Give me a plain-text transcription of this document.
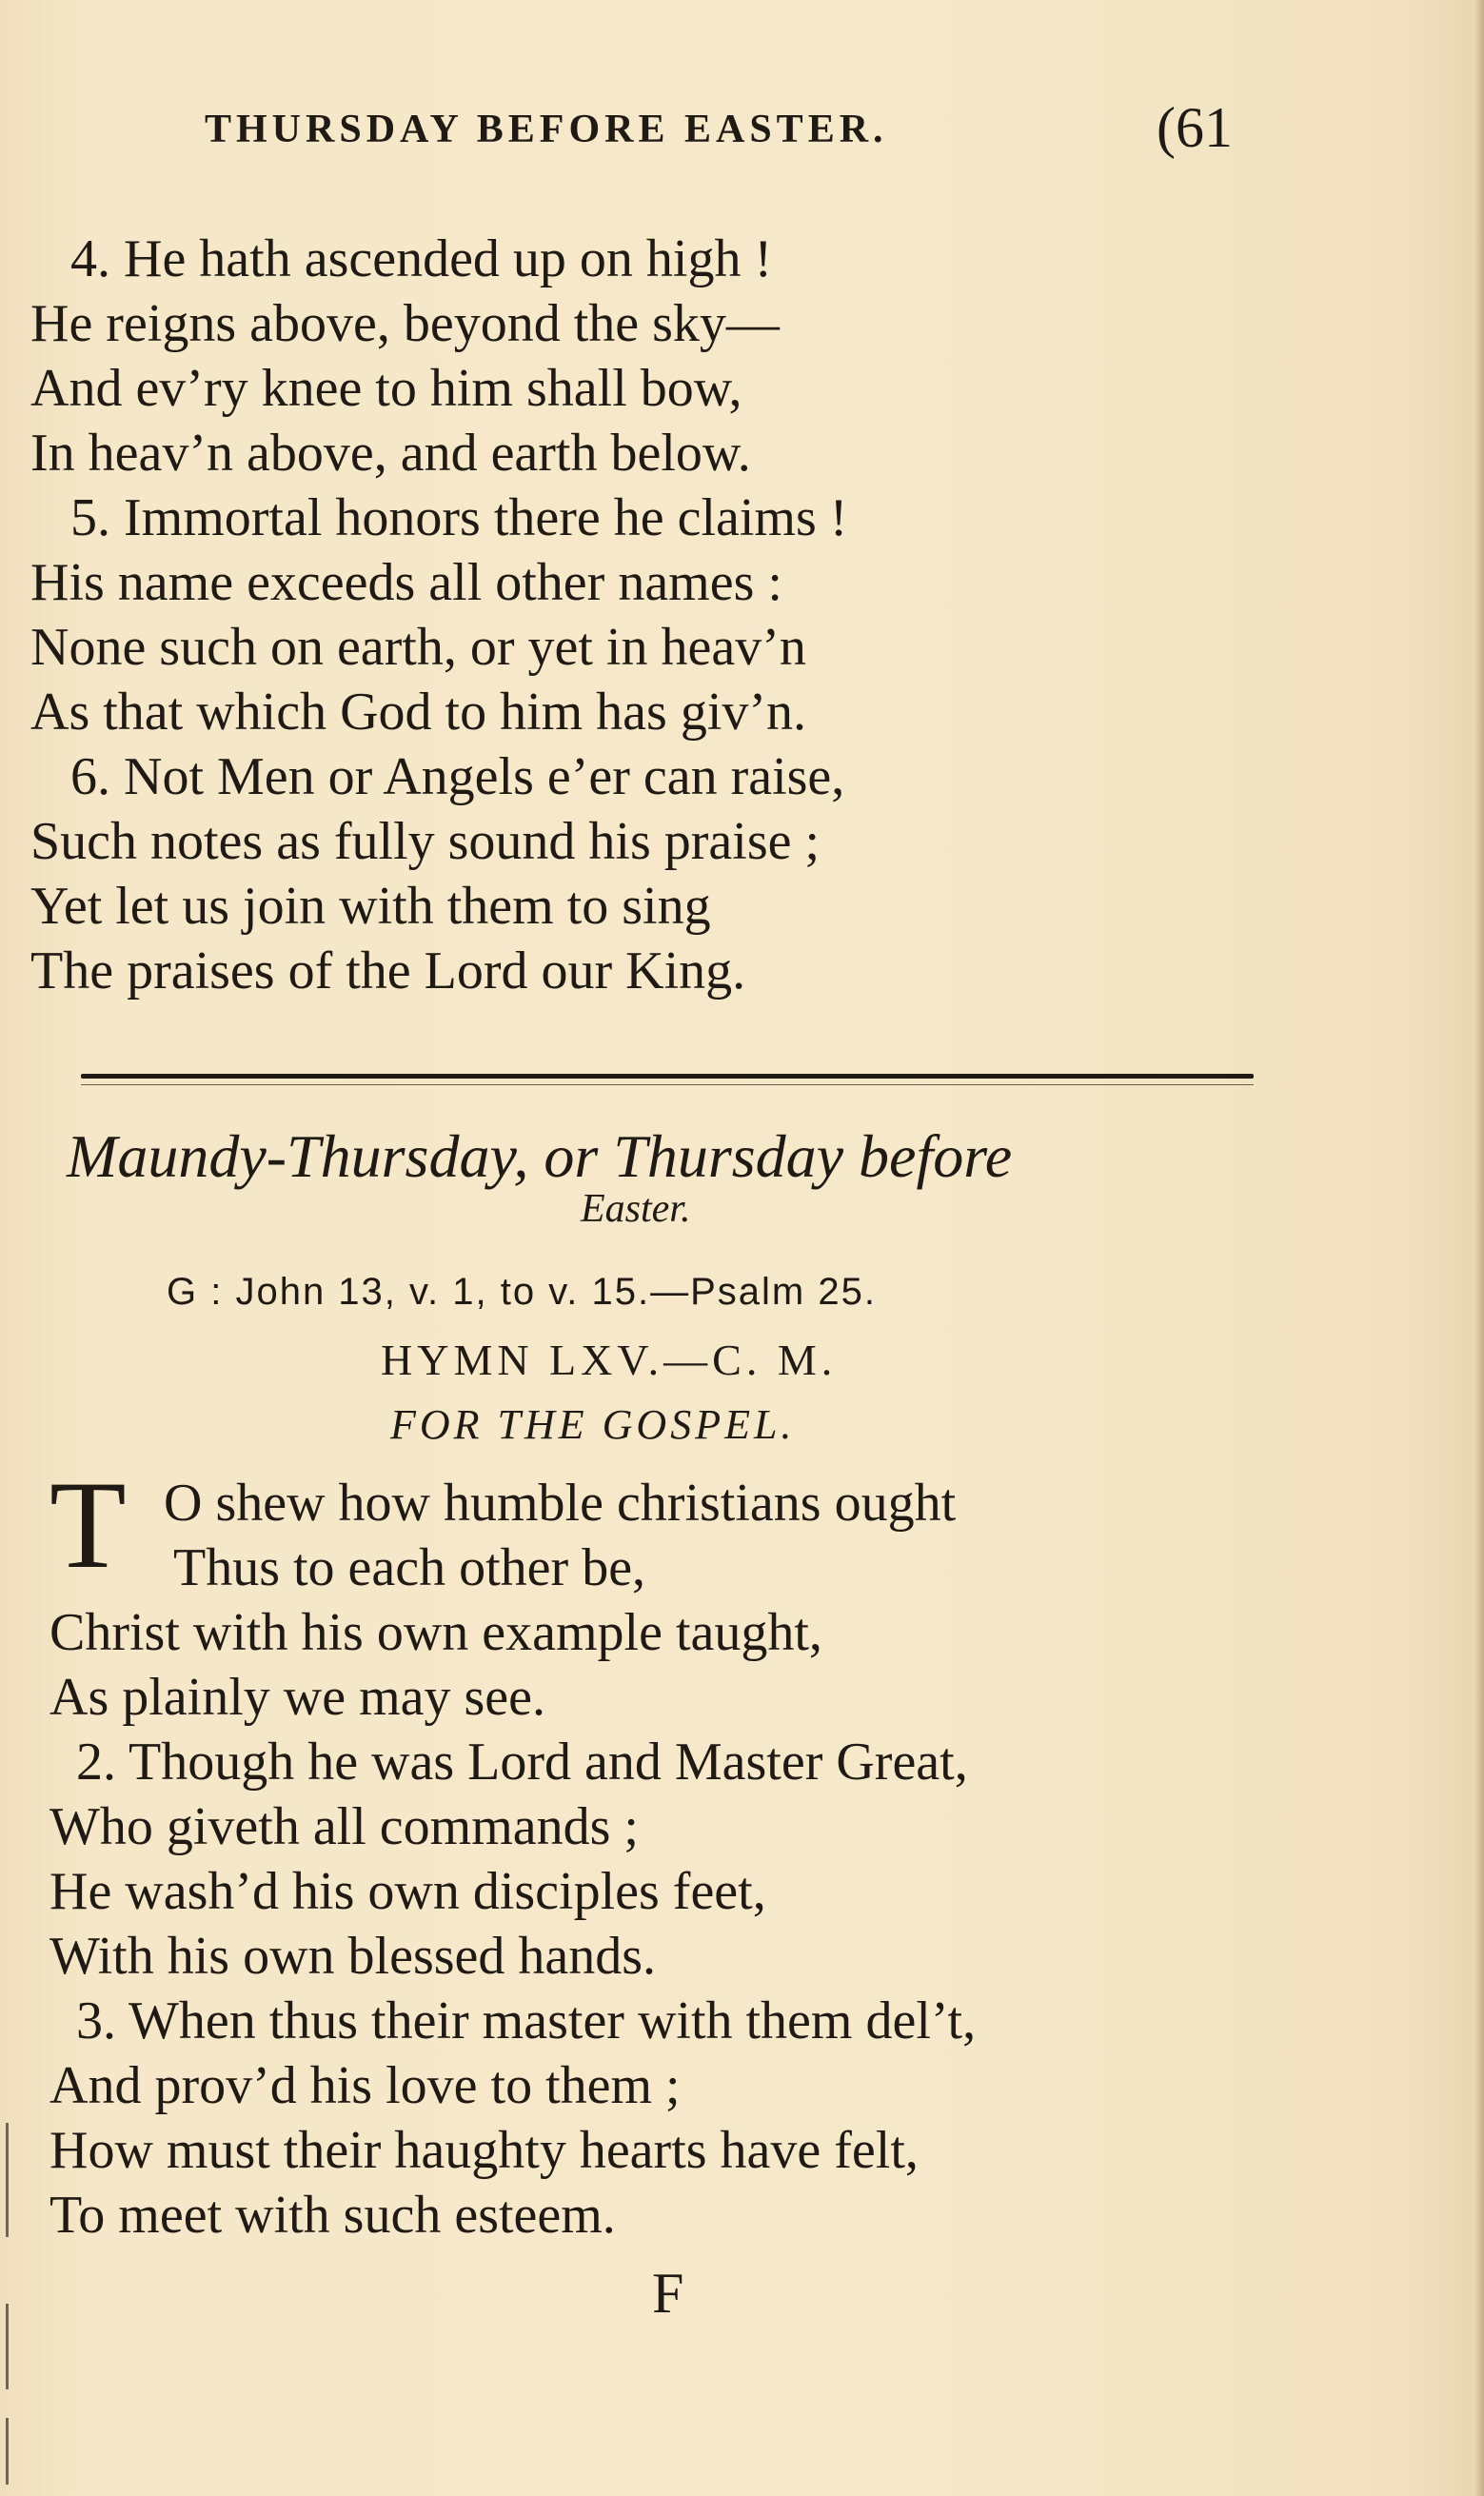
THURSDAY BEFORE EASTER.	(61
4. He hath ascended up on high !
He reigns above, beyond the sky—
And ev’ry knee to him shall bow,
In heav’n above, and earth below.
5. Immortal honors there he claims !
His name exceeds all other names :
None such on earth, or yet in heav’n
As that which God to him has giv’n.
6. Not Men or Angels e’er can raise,
Such notes as fully sound his praise ;
Yet let us join with them to sing
The praises of the Lord our King.
Maundy-Thursday, or Thursday before
Easter.
G : John 13, v. 1, to v. 15.—Psalm 25.
HYMN LXV.—C. M.
FOR THE GOSPEL.
T O shew how humble christians ought
Thus to each other be,
Christ with his own example taught,
As plainly we may see.
2. Though he was Lord and Master Great,
Who giveth all commands ;
He wash’d his own disciples feet,
With his own blessed hands.
3. When thus their master with them del’t,
And prov’d his love to them ;
How must their haughty hearts have felt,
To meet with such esteem.
F
